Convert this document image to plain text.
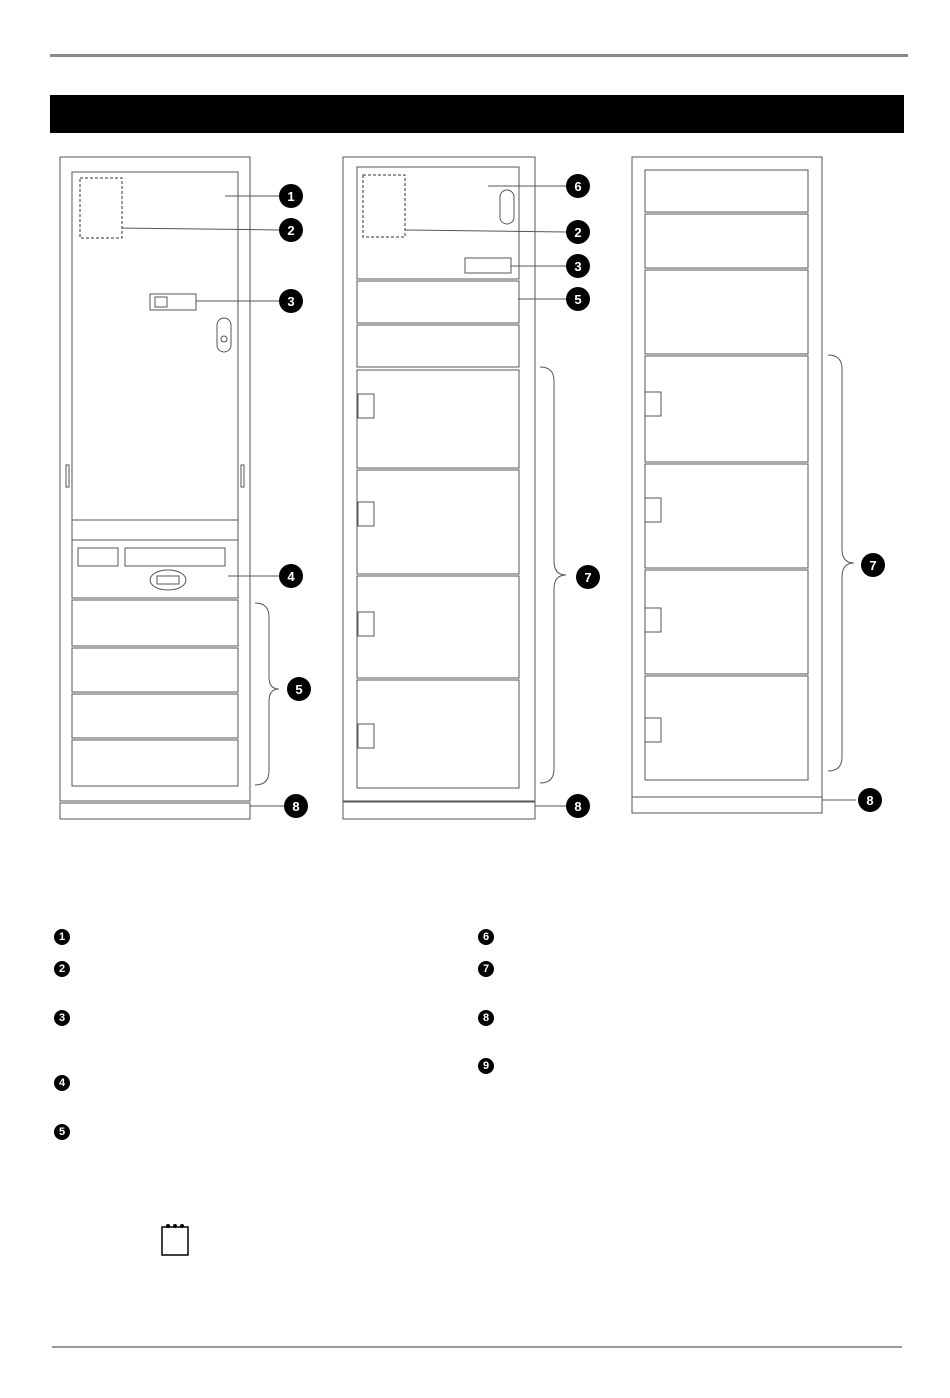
1
2
3
4
5
8
6
2
3
5
7
8
7
8
1
2
3
4
5
6
7
8
9
